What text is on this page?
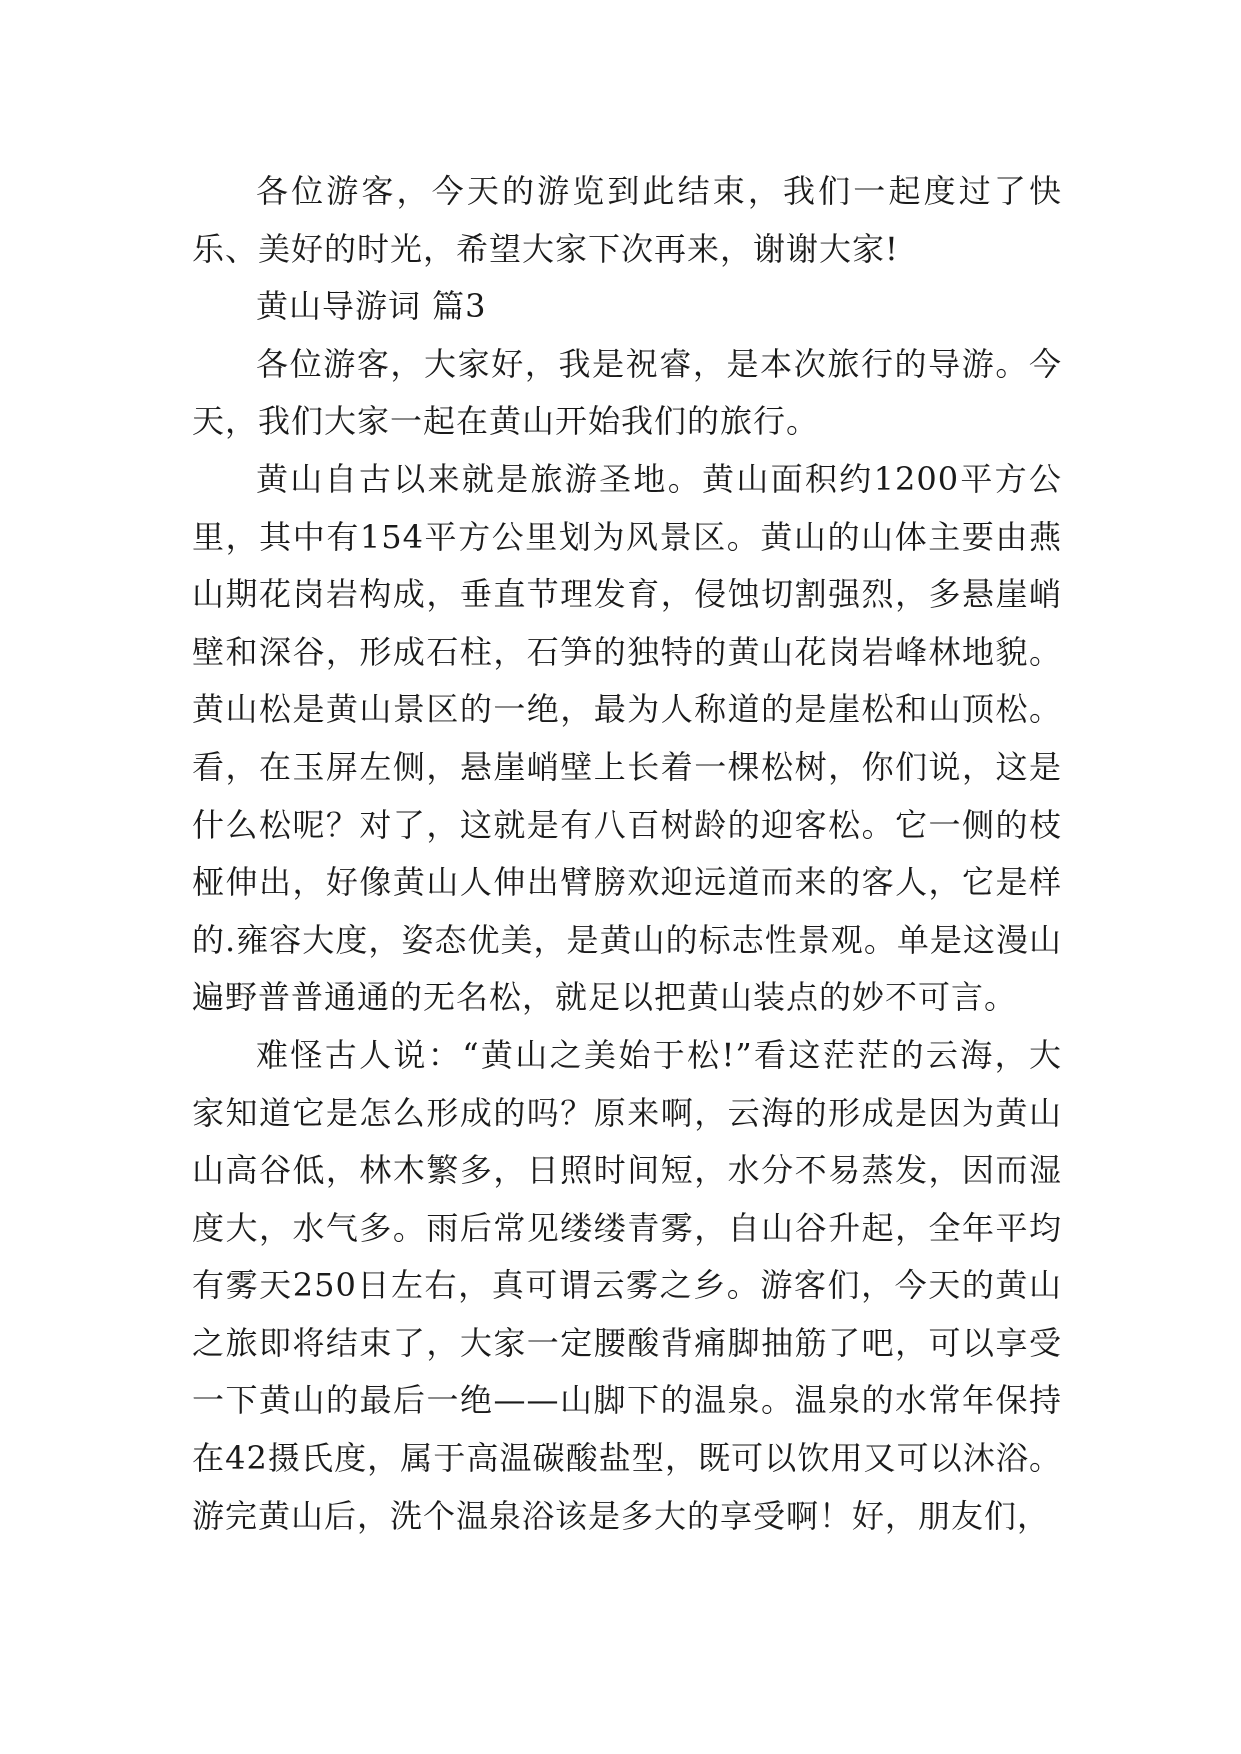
各位游客，今天的游览到此结束，我们一起度过了快乐、美好的时光，希望大家下次再来，谢谢大家!

黄山导游词 篇3

各位游客，大家好，我是祝睿，是本次旅行的导游。今天，我们大家一起在黄山开始我们的旅行。

黄山自古以来就是旅游圣地。黄山面积约1200平方公里，其中有154平方公里划为风景区。黄山的山体主要由燕山期花岗岩构成，垂直节理发育，侵蚀切割强烈，多悬崖峭壁和深谷，形成石柱，石笋的独特的黄山花岗岩峰林地貌。黄山松是黄山景区的一绝，最为人称道的是崖松和山顶松。看，在玉屏左侧，悬崖峭壁上长着一棵松树，你们说，这是什么松呢？对了，这就是有八百树龄的迎客松。它一侧的枝桠伸出，好像黄山人伸出臂膀欢迎远道而来的客人，它是样的.雍容大度，姿态优美，是黄山的标志性景观。单是这漫山遍野普普通通的无名松，就足以把黄山装点的妙不可言。

难怪古人说：“黄山之美始于松!”看这茫茫的云海，大家知道它是怎么形成的吗？原来啊，云海的形成是因为黄山山高谷低，林木繁多，日照时间短，水分不易蒸发，因而湿度大，水气多。雨后常见缕缕青雾，自山谷升起，全年平均有雾天250日左右，真可谓云雾之乡。游客们，今天的黄山之旅即将结束了，大家一定腰酸背痛脚抽筋了吧，可以享受一下黄山的最后一绝——山脚下的温泉。温泉的水常年保持在42摄氏度，属于高温碳酸盐型，既可以饮用又可以沐浴。游完黄山后，洗个温泉浴该是多大的享受啊！好，朋友们，
